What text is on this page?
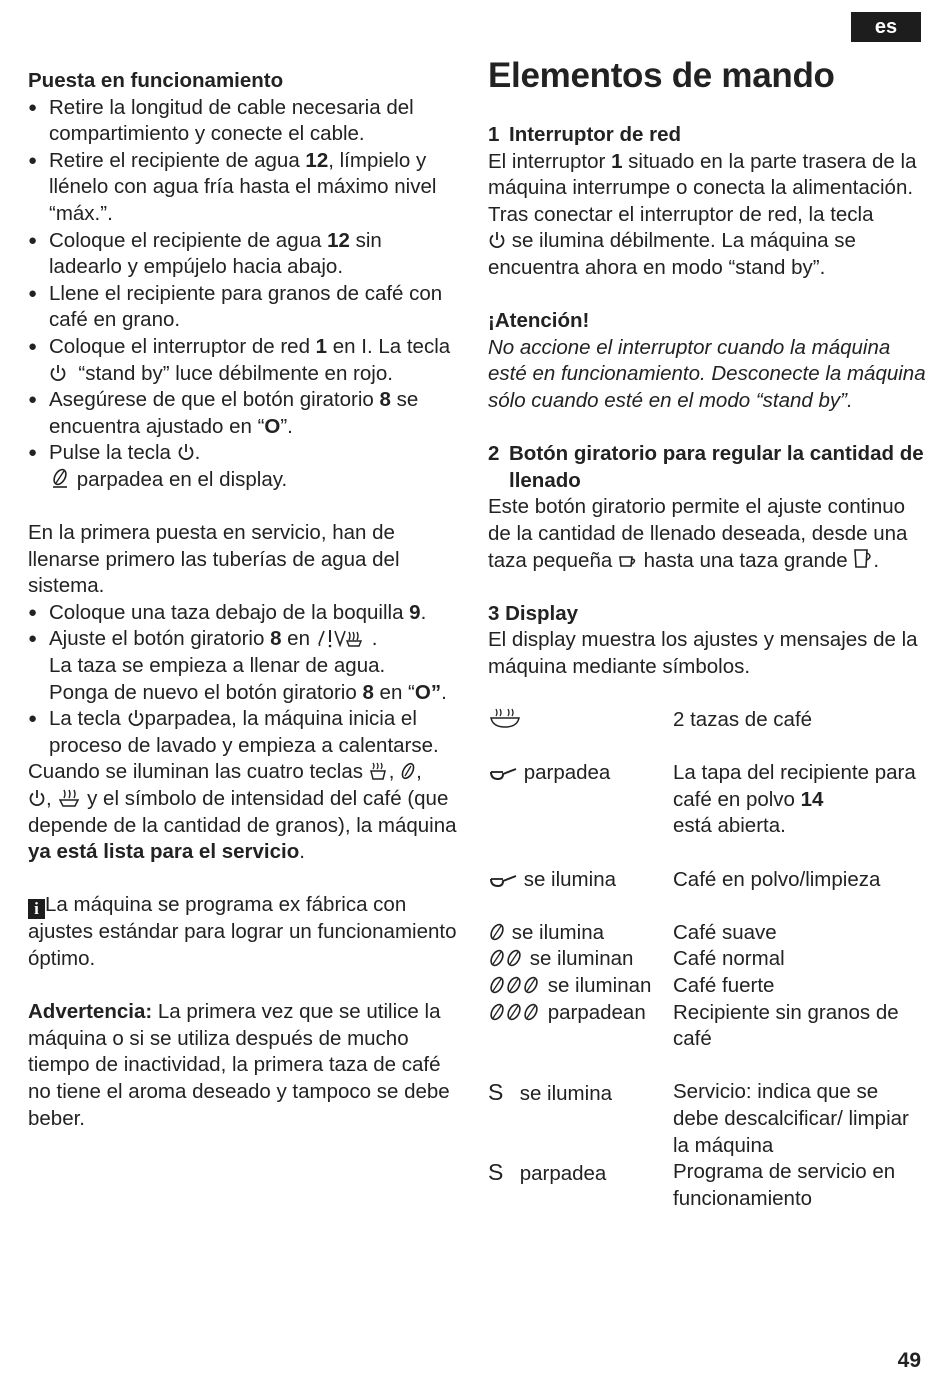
es

Puesta en funcionamiento

● Retire la longitud de cable necesaria del compartimiento y conecte el cable.
● Retire el recipiente de agua 12, límpielo y llénelo con agua fría hasta el máximo nivel “máx.”.
● Coloque el recipiente de agua 12 sin ladearlo y empújelo hacia abajo.
● Llene el recipiente para granos de café con café en grano.
● Coloque el interruptor de red 1 en I. La tecla
“stand by” luce débilmente en rojo.
● Asegúrese de que el botón giratorio 8 se encuentra ajustado en “O”.
● Pulse la tecla
.

parpadea en el display.

En la primera puesta en servicio, han de llenarse primero las tuberías de agua del sistema.

● Coloque una taza debajo de la boquilla 9.
● Ajuste el botón giratorio 8 en	.

La taza se empieza a llenar de agua.

Ponga de nuevo el botón giratorio 8 en “O”.

● La tecla
parpadea, la máquina inicia el proceso de lavado y empieza a calentarse.

Cuando se iluminan las cuatro teclas
, ,

,
y el símbolo de intensidad del café (que depende de la cantidad de granos), la máquina ya está lista para el servicio.

i La máquina se programa ex fábrica con ajustes estándar para lograr un funcionamiento óptimo.

Advertencia: La primera vez que se utilice la máquina o si se utiliza después de mucho tiempo de inactividad, la primera taza de café no tiene el aroma deseado y tampoco se debe beber.

Elementos de mando
1 Interruptor de red

El interruptor 1 situado en la parte trasera de la máquina interrumpe o conecta la alimentación.

Tras conectar el interruptor de red, la tecla

se ilumina débilmente. La máquina se encuentra ahora en modo “stand by”.

¡Atención!

No accione el interruptor cuando la máquina esté en funcionamiento. Desconecte la máquina sólo cuando esté en el modo “stand by”.

2 Botón giratorio para regular la cantidad de llenado

Este botón giratorio permite el ajuste continuo de la cantidad de llenado deseada, desde una taza pequeña
hasta una taza grande
.

3 Display

El display muestra los ajustes y mensajes de la máquina mediante símbolos.

	2 tazas de café

parpadea	La tapa del recipiente para café en polvo 14
está abierta.

se ilumina	Café en polvo/limpieza

se ilumina	Café suave

se iluminan	Café normal

se iluminan	Café fuerte

parpadean	Recipiente sin granos de café

S se ilumina	Servicio: indica que se debe descalcificar/ limpiar la máquina
S parpadea	Programa de servicio en funcionamiento
49
